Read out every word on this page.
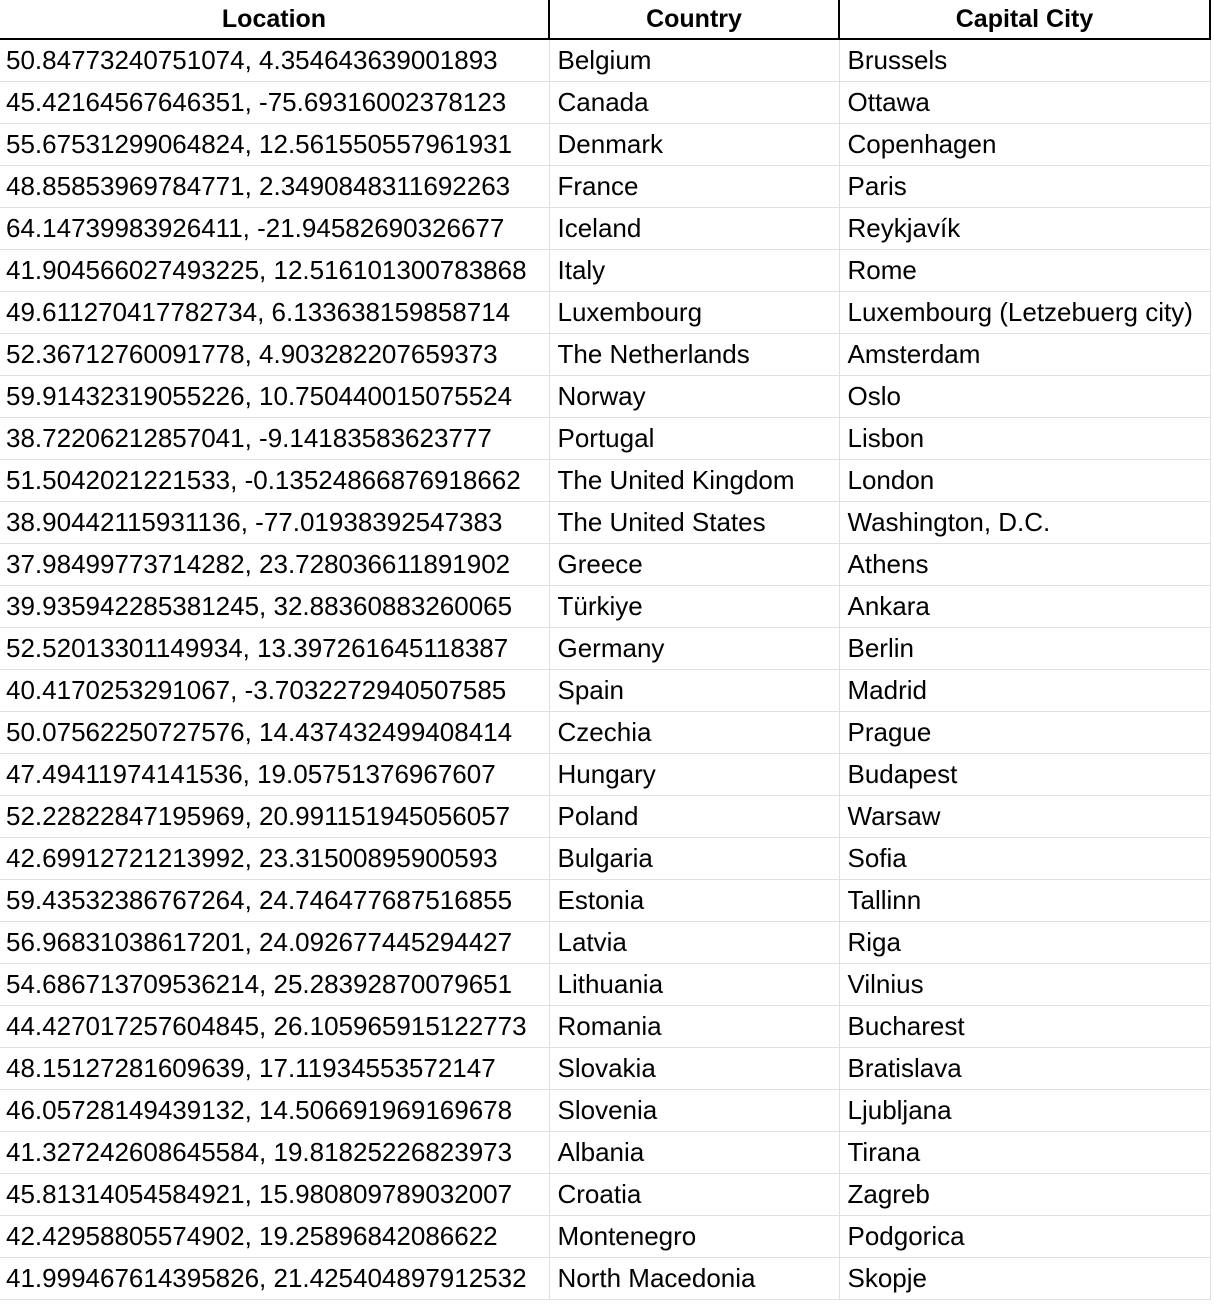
Location	Country	Capital City
50.84773240751074, 4.354643639001893	Belgium	Brussels
45.42164567646351, -75.69316002378123	Canada	Ottawa
55.67531299064824, 12.561550557961931	Denmark	Copenhagen
48.85853969784771, 2.3490848311692263	France	Paris
64.14739983926411, -21.94582690326677	Iceland	Reykjavík
41.904566027493225, 12.516101300783868	Italy	Rome
49.611270417782734, 6.133638159858714	Luxembourg	Luxembourg (Letzebuerg city)
52.36712760091778, 4.903282207659373	The Netherlands	Amsterdam
59.91432319055226, 10.750440015075524	Norway	Oslo
38.72206212857041, -9.14183583623777	Portugal	Lisbon
51.5042021221533, -0.13524866876918662	The United Kingdom	London
38.90442115931136, -77.01938392547383	The United States	Washington, D.C.
37.98499773714282, 23.728036611891902	Greece	Athens
39.935942285381245, 32.88360883260065	Türkiye	Ankara
52.52013301149934, 13.397261645118387	Germany	Berlin
40.4170253291067, -3.7032272940507585	Spain	Madrid
50.07562250727576, 14.437432499408414	Czechia	Prague
47.49411974141536, 19.05751376967607	Hungary	Budapest
52.22822847195969, 20.991151945056057	Poland	Warsaw
42.69912721213992, 23.31500895900593	Bulgaria	Sofia
59.43532386767264, 24.746477687516855	Estonia	Tallinn
56.96831038617201, 24.092677445294427	Latvia	Riga
54.686713709536214, 25.28392870079651	Lithuania	Vilnius
44.427017257604845, 26.105965915122773	Romania	Bucharest
48.15127281609639, 17.11934553572147	Slovakia	Bratislava
46.05728149439132, 14.506691969169678	Slovenia	Ljubljana
41.327242608645584, 19.81825226823973	Albania	Tirana
45.81314054584921, 15.980809789032007	Croatia	Zagreb
42.42958805574902, 19.25896842086622	Montenegro	Podgorica
41.999467614395826, 21.425404897912532	North Macedonia	Skopje
